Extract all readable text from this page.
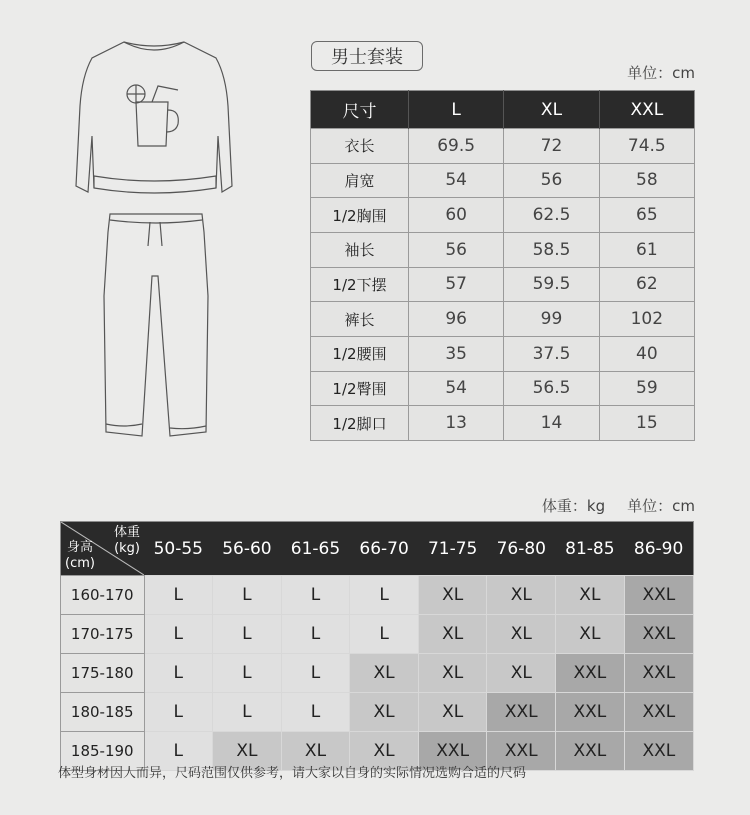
男士套装
单位：cm
尺寸	L	XL	XXL
衣长	69.5	72	74.5
肩宽	54	56	58
1/2胸围	60	62.5	65
袖长	56	58.5	61
1/2下摆	57	59.5	62
裤长	96	99	102
1/2腰围	35	37.5	40
1/2臀围	54	56.5	59
1/2脚口	13	14	15
体重：kg 单位：cm
体重
(kg)
身高
(cm)	50-55	56-60	61-65	66-70	71-75	76-80	81-85	86-90
160-170	L	L	L	L	XL	XL	XL	XXL
170-175	L	L	L	L	XL	XL	XL	XXL
175-180	L	L	L	XL	XL	XL	XXL	XXL
180-185	L	L	L	XL	XL	XXL	XXL	XXL
185-190	L	XL	XL	XL	XXL	XXL	XXL	XXL
体型身材因人而异，尺码范围仅供参考，请大家以自身的实际情况选购合适的尺码
